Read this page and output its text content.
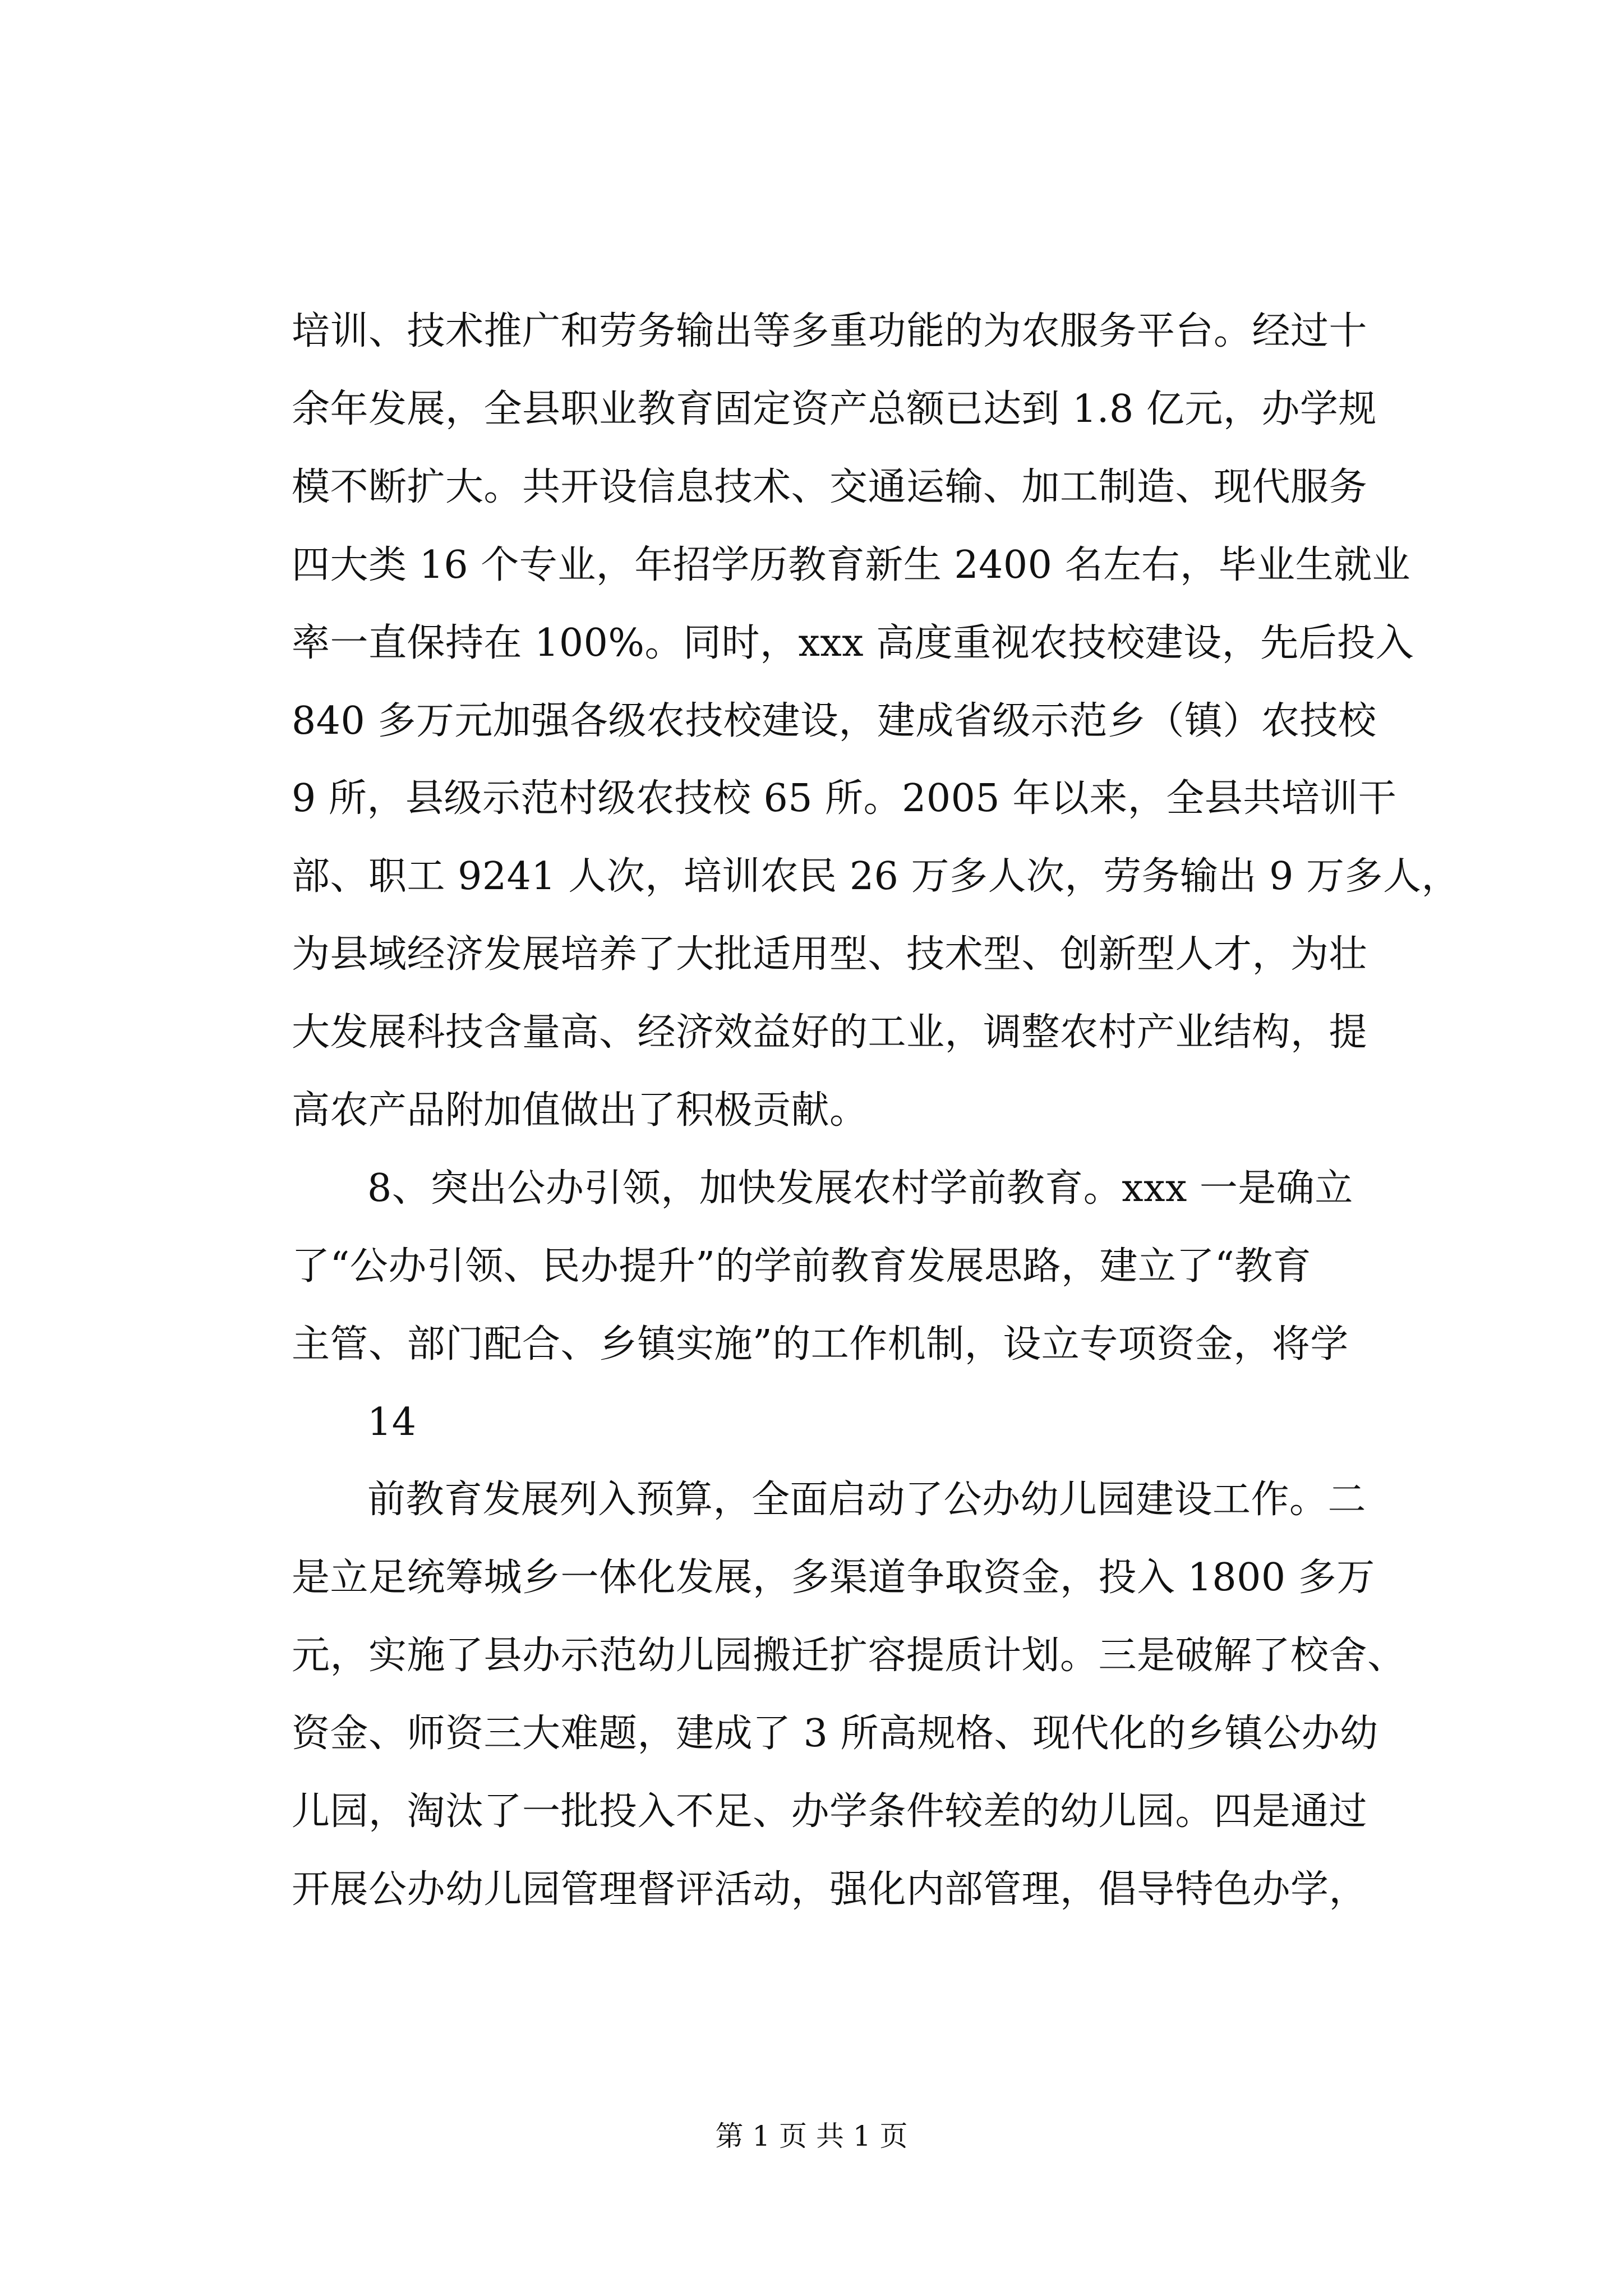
培训、技术推广和劳务输出等多重功能的为农服务平台。经过十
余年发展，全县职业教育固定资产总额已达到 1.8 亿元，办学规
模不断扩大。共开设信息技术、交通运输、加工制造、现代服务
四大类 16 个专业，年招学历教育新生 2400 名左右，毕业生就业
率一直保持在 100%。同时，xxx 高度重视农技校建设，先后投入
840 多万元加强各级农技校建设，建成省级示范乡（镇）农技校
9 所，县级示范村级农技校 65 所。2005 年以来，全县共培训干
部、职工 9241 人次，培训农民 26 万多人次，劳务输出 9 万多人，
为县域经济发展培养了大批适用型、技术型、创新型人才，为壮
大发展科技含量高、经济效益好的工业，调整农村产业结构，提
高农产品附加值做出了积极贡献。
8、突出公办引领，加快发展农村学前教育。xxx 一是确立
了“公办引领、民办提升”的学前教育发展思路，建立了“教育
主管、部门配合、乡镇实施”的工作机制，设立专项资金，将学
14
前教育发展列入预算，全面启动了公办幼儿园建设工作。二
是立足统筹城乡一体化发展，多渠道争取资金，投入 1800 多万
元，实施了县办示范幼儿园搬迁扩容提质计划。三是破解了校舍、
资金、师资三大难题，建成了 3 所高规格、现代化的乡镇公办幼
儿园，淘汰了一批投入不足、办学条件较差的幼儿园。四是通过
开展公办幼儿园管理督评活动，强化内部管理，倡导特色办学，
第 1 页 共 1 页
